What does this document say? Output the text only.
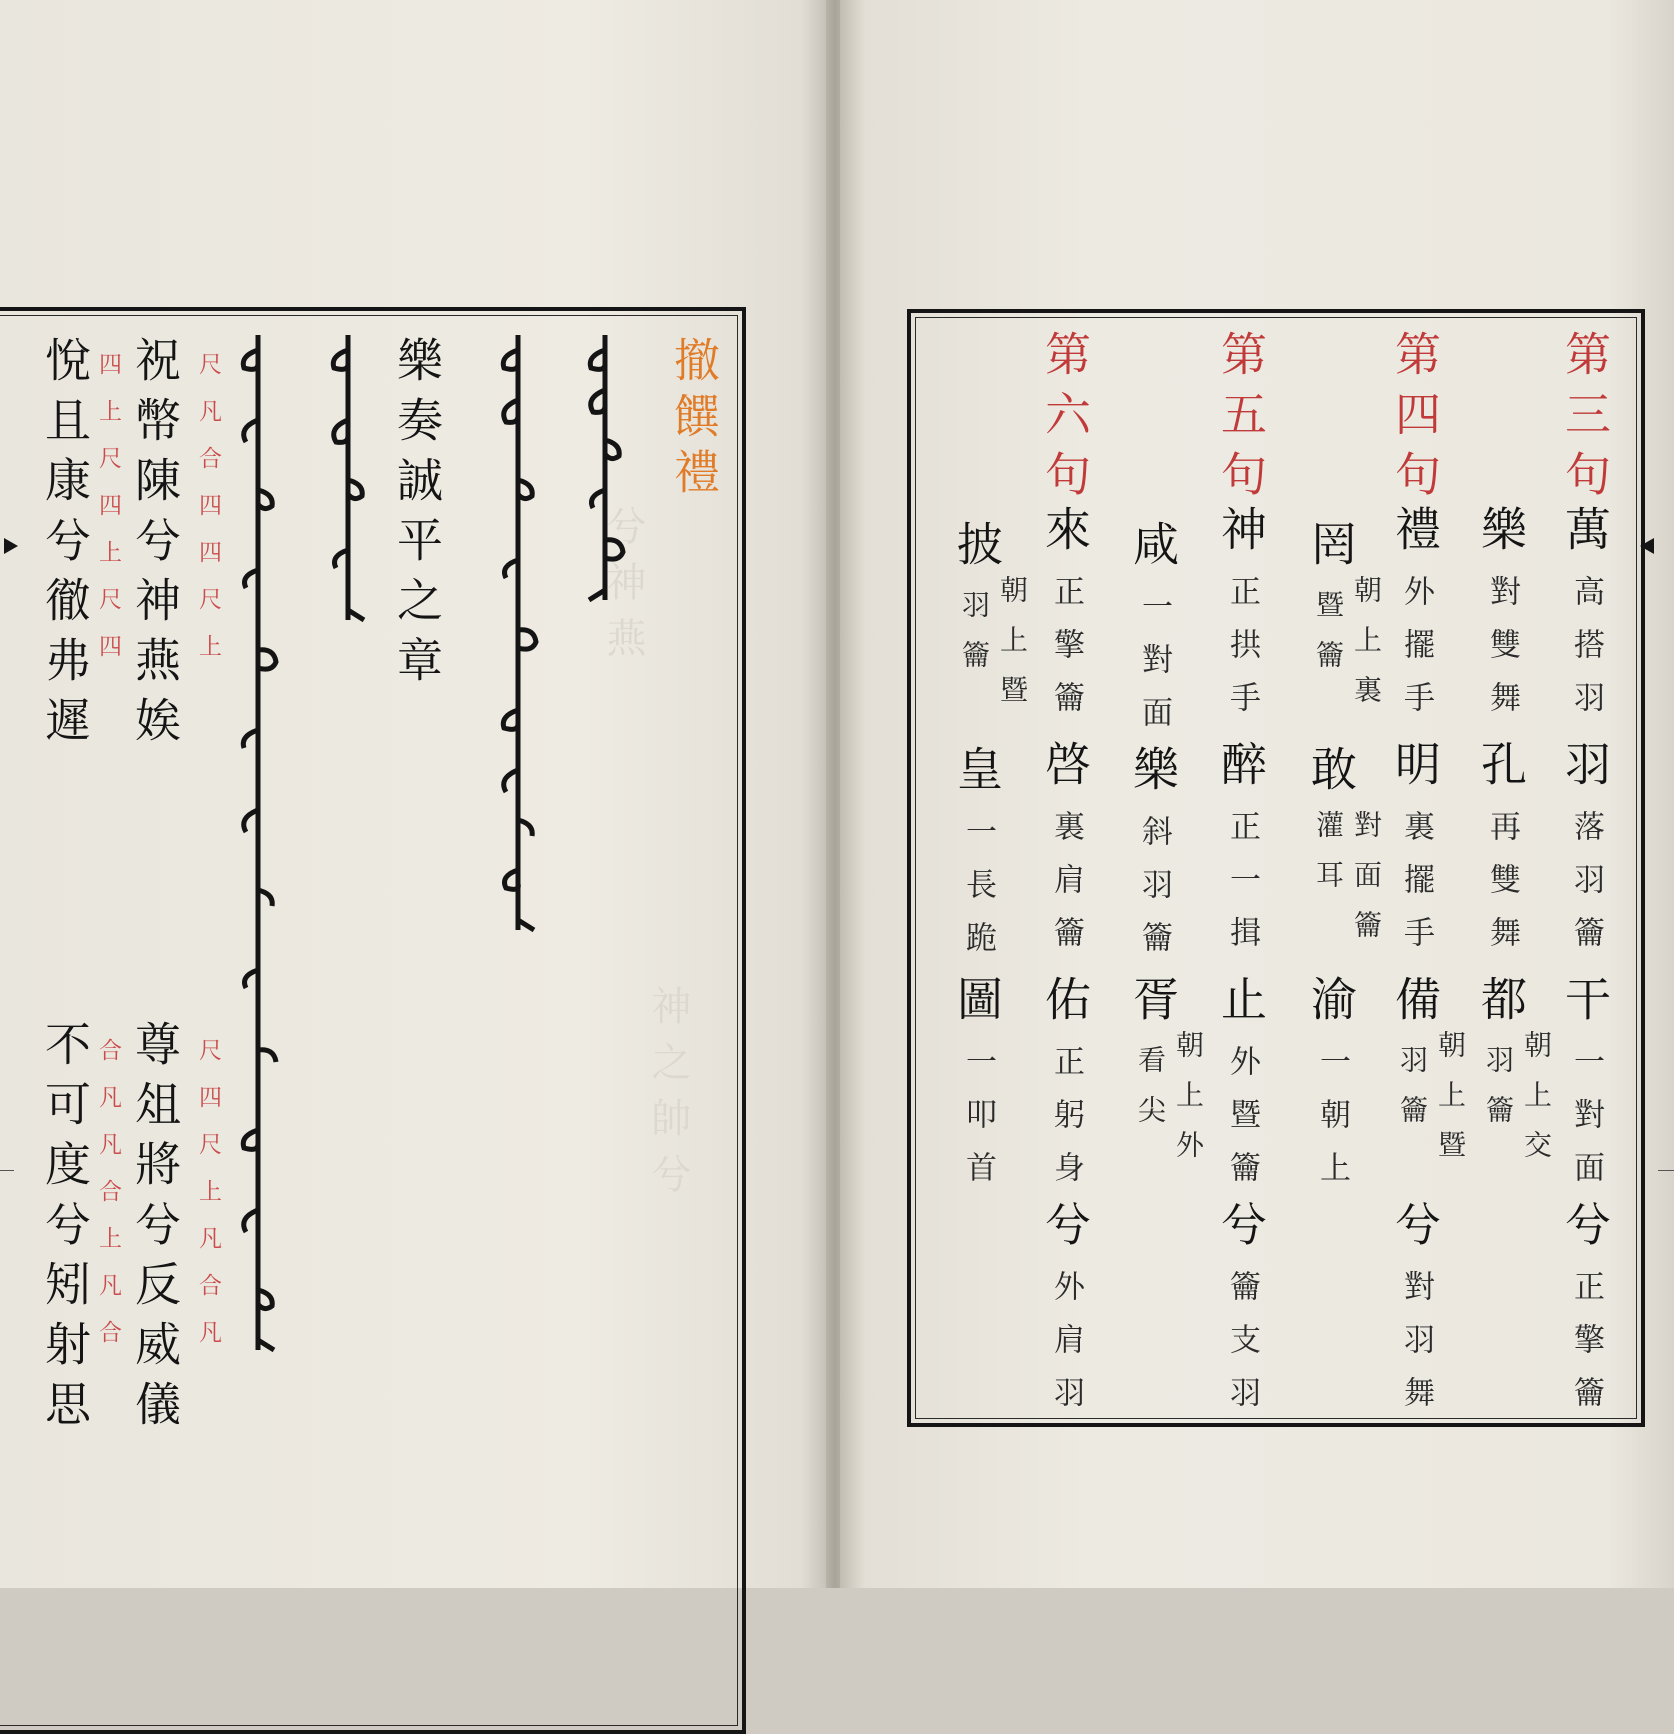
兮神燕
神之帥兮
撤饌禮
樂奏誠平之章
尺凡合四四尺上
四上尺四上尺四
尺四尺上凡合凡
合凡凡合上凡合
祝幣陳兮神燕娭
悅且康兮徹弗遲
尊俎將兮反威儀
不可度兮矧射思
第三句
萬
高搭羽
羽
落羽籥
干
一對面
兮
正擎籥
樂
對雙舞
孔
再雙舞
都
朝上交
羽籥
第四句
禮
外擺手
明
裏擺手
備
朝上暨
羽籥
兮
對羽舞
罔
朝上裏
暨籥
敢
對面籥
灌耳
渝
一朝上
第五句
神
正拱手
醉
正一揖
止
外暨籥
兮
籥支羽
咸
一對面
樂
斜羽籥
胥
朝上外
看尖
第六句
來
正擎籥
啓
裏肩籥
佑
正躬身
兮
外肩羽
披
朝上暨
羽籥
皇
一長跪
圖
一叩首
